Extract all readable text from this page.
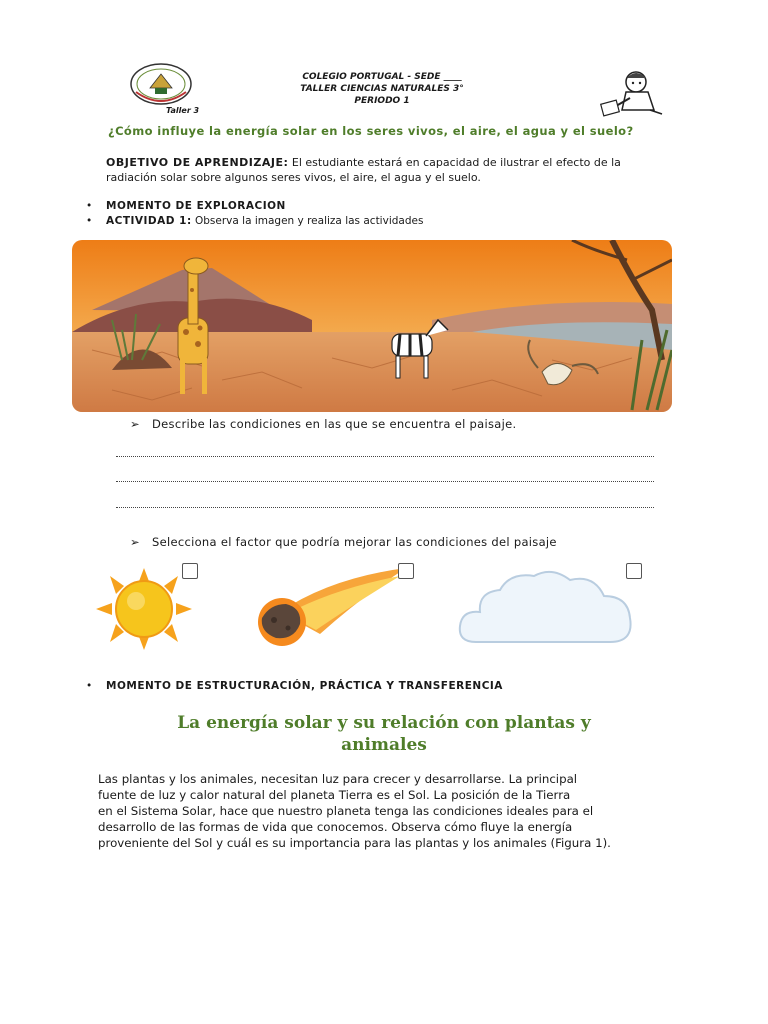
Taller 3
COLEGIO PORTUGAL - SEDE ____
TALLER CIENCIAS NATURALES 3°
PERIODO 1
¿Cómo influye la energía solar en los seres vivos, el aire, el agua y el suelo?
OBJETIVO DE APRENDIZAJE: El estudiante estará en capacidad de ilustrar el efecto de la
radiación solar sobre algunos seres vivos, el aire, el agua y el suelo.
• MOMENTO DE EXPLORACION
• ACTIVIDAD 1: Observa la imagen y realiza las actividades
➢ Describe las condiciones en las que se encuentra el paisaje.
➢ Selecciona el factor que podría mejorar las condiciones del paisaje
• MOMENTO DE ESTRUCTURACIÓN, PRÁCTICA Y TRANSFERENCIA
La energía solar y su relación con plantas y
animales
Las plantas y los animales, necesitan luz para crecer y desarrollarse. La principal
fuente de luz y calor natural del planeta Tierra es el Sol. La posición de la Tierra
en el Sistema Solar, hace que nuestro planeta tenga las condiciones ideales para el
desarrollo de las formas de vida que conocemos. Observa cómo fluye la energía
proveniente del Sol y cuál es su importancia para las plantas y los animales (Figura 1).
